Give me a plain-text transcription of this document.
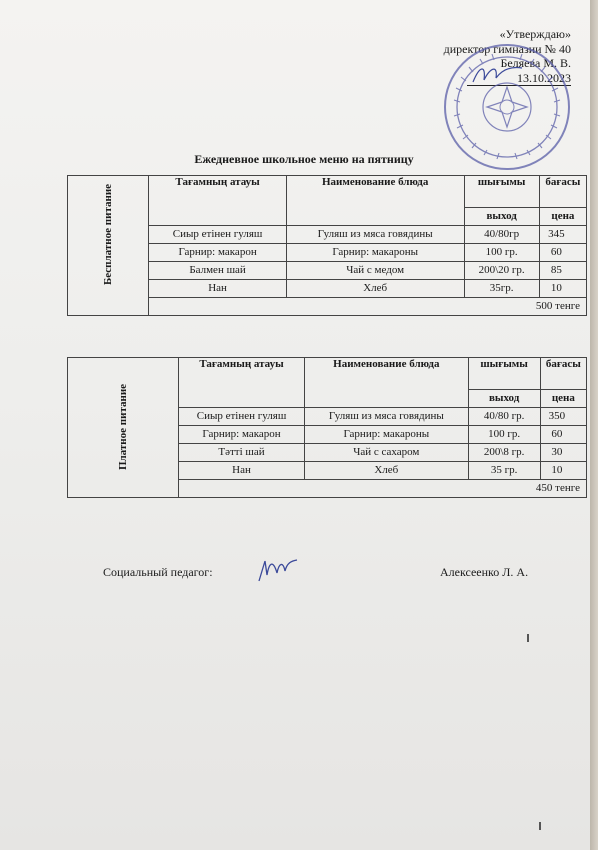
«Утверждаю»
директор гимназии № 40
Беляева М. В.
13.10.2023
Ежедневное школьное меню на пятницу
Бесплатное питание	Тағамның атауы	Наименование блюда	шығымы	бағасы
			выход	цена
	Сиыр етінен гуляш	Гуляш из мяса говядины	40/80гр	345
	Гарнир: макарон	Гарнир: макароны	100 гр.	60
	Балмен шай	Чай с медом	200\20 гр.	85
	Нан	Хлеб	35гр.	10
	500 тенге			
Платное питание	Тағамның атауы	Наименование блюда	шығымы	бағасы
			выход	цена
	Сиыр етінен гуляш	Гуляш из мяса говядины	40/80 гр.	350
	Гарнир: макарон	Гарнир: макароны	100 гр.	60
	Тәтті шай	Чай с сахаром	200\8 гр.	30
	Нан	Хлеб	35 гр.	10
	450 тенге			
Социальный педагог:	Алексеенко Л. А.
